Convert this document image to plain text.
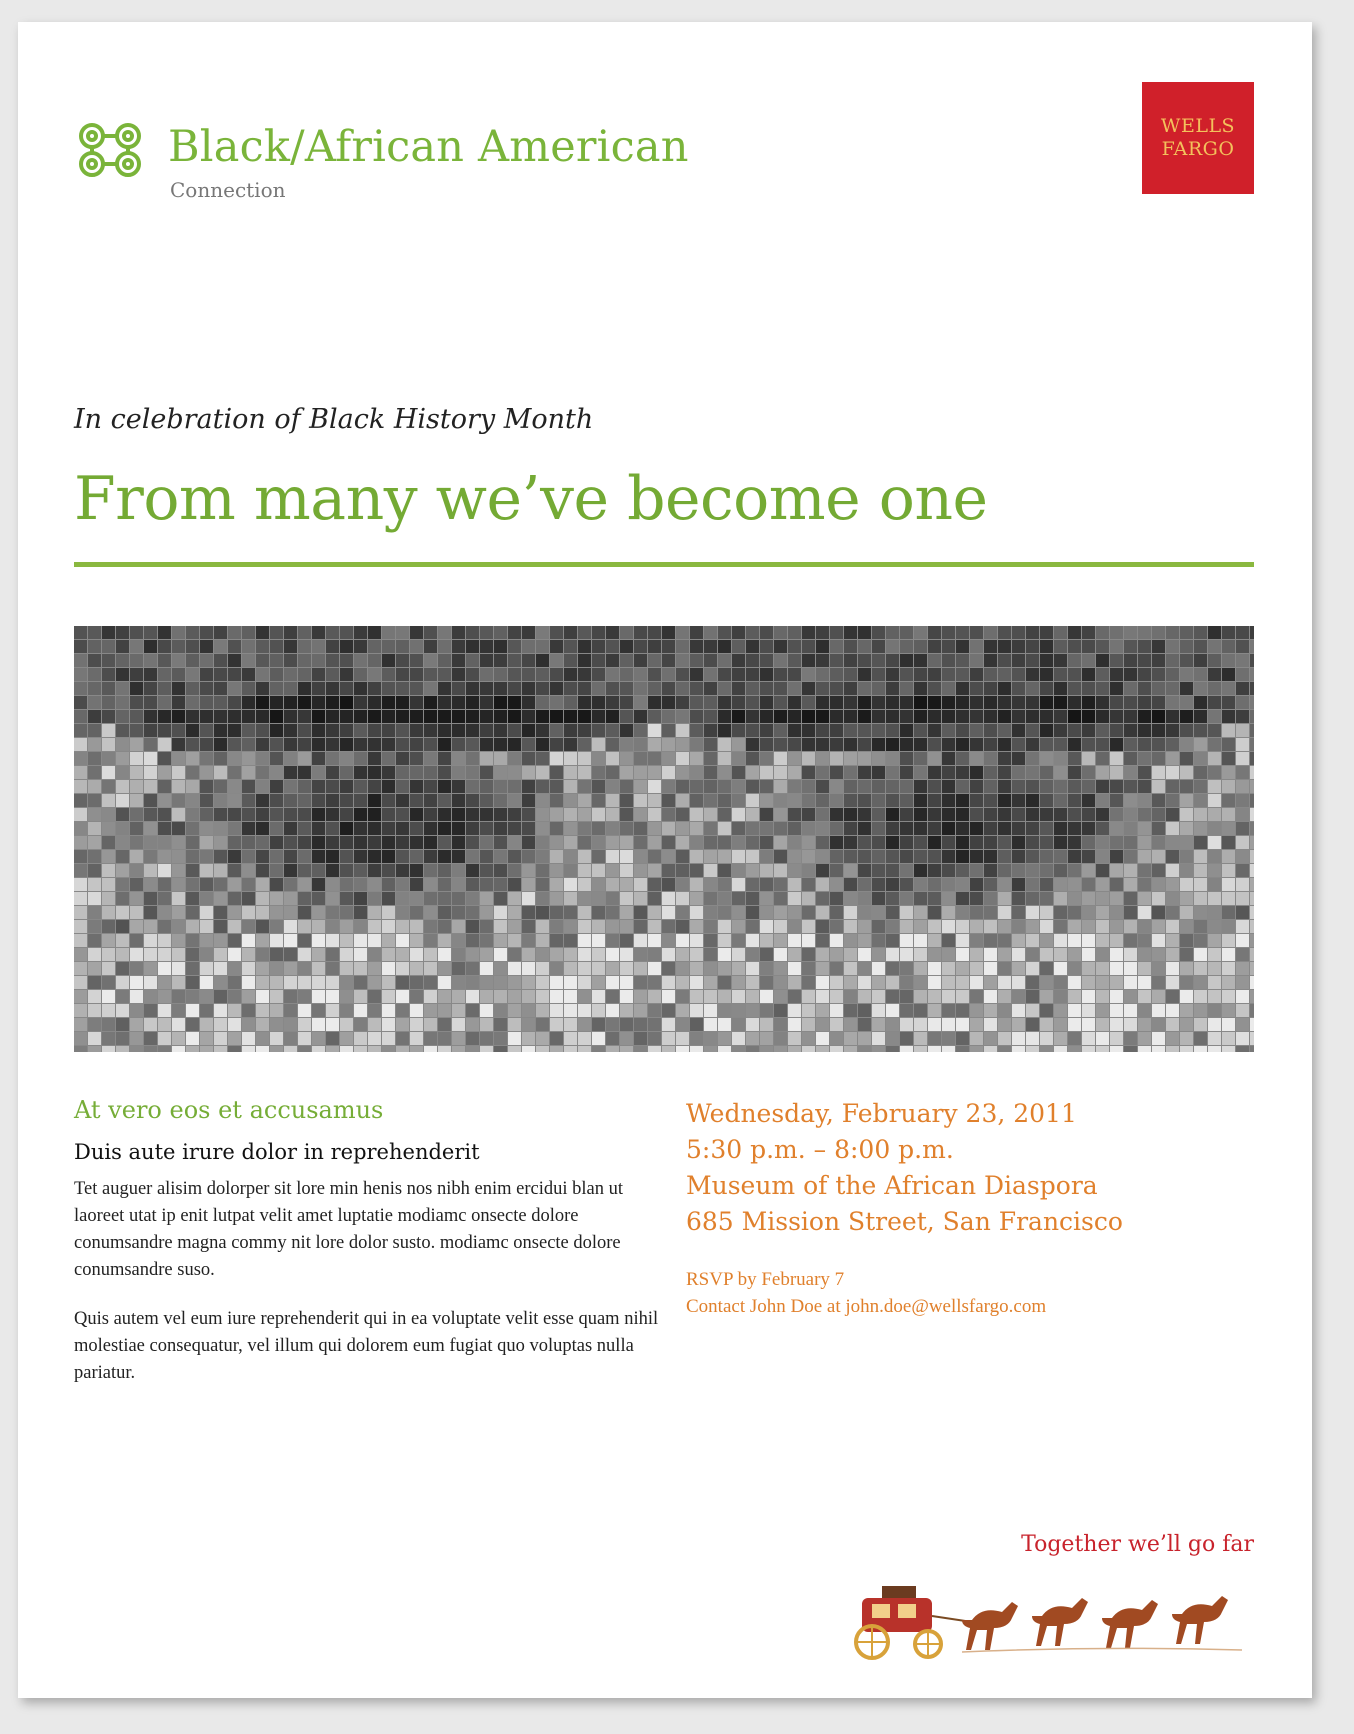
Black/African American
Connection
WELLS
FARGO
In celebration of Black History Month
From many we’ve become one
At vero eos et accusamus
Duis aute irure dolor in reprehenderit

Tet auguer alisim dolorper sit lore min henis nos nibh enim ercidui blan ut laoreet utat ip enit lutpat velit amet luptatie modiamc onsecte dolore conumsandre magna commy nit lore dolor susto. modiamc onsecte dolore conumsandre suso.

Quis autem vel eum iure reprehenderit qui in ea voluptate velit esse quam nihil molestiae consequatur, vel illum qui dolorem eum fugiat quo voluptas nulla pariatur.

Wednesday, February 23, 2011
5:30 p.m. – 8:00 p.m.
Museum of the African Diaspora
685 Mission Street, San Francisco
RSVP by February 7
Contact John Doe at john.doe@wellsfargo.com
Together we’ll go far
